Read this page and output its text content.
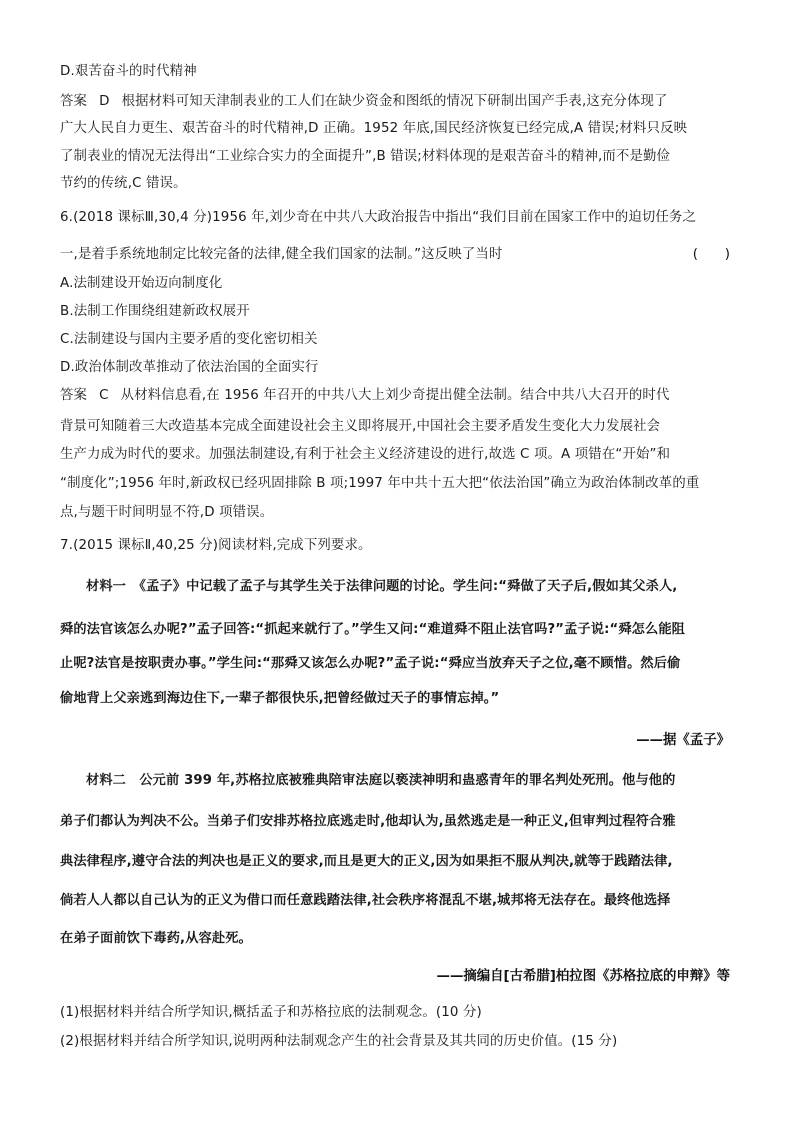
D.艰苦奋斗的时代精神
答案 D 根据材料可知天津制表业的工人们在缺少资金和图纸的情况下研制出国产手表,这充分体现了
广大人民自力更生、艰苦奋斗的时代精神,D 正确。1952 年底,国民经济恢复已经完成,A 错误;材料只反映
了制表业的情况无法得出“工业综合实力的全面提升”,B 错误;材料体现的是艰苦奋斗的精神,而不是勤俭
节约的传统,C 错误。
6.(2018 课标Ⅲ,30,4 分)1956 年,刘少奇在中共八大政治报告中指出“我们目前在国家工作中的迫切任务之
一,是着手系统地制定比较完备的法律,健全我们国家的法制。”这反映了当时	(　　)
A.法制建设开始迈向制度化
B.法制工作围绕组建新政权展开
C.法制建设与国内主要矛盾的变化密切相关
D.政治体制改革推动了依法治国的全面实行
答案 C 从材料信息看,在 1956 年召开的中共八大上刘少奇提出健全法制。结合中共八大召开的时代
背景可知随着三大改造基本完成全面建设社会主义即将展开,中国社会主要矛盾发生变化大力发展社会
生产力成为时代的要求。加强法制建设,有利于社会主义经济建设的进行,故选 C 项。A 项错在“开始”和
“制度化”;1956 年时,新政权已经巩固排除 B 项;1997 年中共十五大把“依法治国”确立为政治体制改革的重
点,与题干时间明显不符,D 项错误。
7.(2015 课标Ⅱ,40,25 分)阅读材料,完成下列要求。
材料一　《孟子》中记载了孟子与其学生关于法律问题的讨论。学生问:“舜做了天子后,假如其父杀人,
舜的法官该怎么办呢?”孟子回答:“抓起来就行了。”学生又问:“难道舜不阻止法官吗?”孟子说:“舜怎么能阻
止呢?法官是按职责办事。”学生问:“那舜又该怎么办呢?”孟子说:“舜应当放弃天子之位,毫不顾惜。然后偷
偷地背上父亲逃到海边住下,一辈子都很快乐,把曾经做过天子的事情忘掉。”
——据《孟子》
材料二　公元前 399 年,苏格拉底被雅典陪审法庭以亵渎神明和蛊惑青年的罪名判处死刑。他与他的
弟子们都认为判决不公。当弟子们安排苏格拉底逃走时,他却认为,虽然逃走是一种正义,但审判过程符合雅
典法律程序,遵守合法的判决也是正义的要求,而且是更大的正义,因为如果拒不服从判决,就等于践踏法律,
倘若人人都以自己认为的正义为借口而任意践踏法律,社会秩序将混乱不堪,城邦将无法存在。最终他选择
在弟子面前饮下毒药,从容赴死。
——摘编自[古希腊]柏拉图《苏格拉底的申辩》等
(1)根据材料并结合所学知识,概括孟子和苏格拉底的法制观念。(10 分)
(2)根据材料并结合所学知识,说明两种法制观念产生的社会背景及其共同的历史价值。(15 分)
